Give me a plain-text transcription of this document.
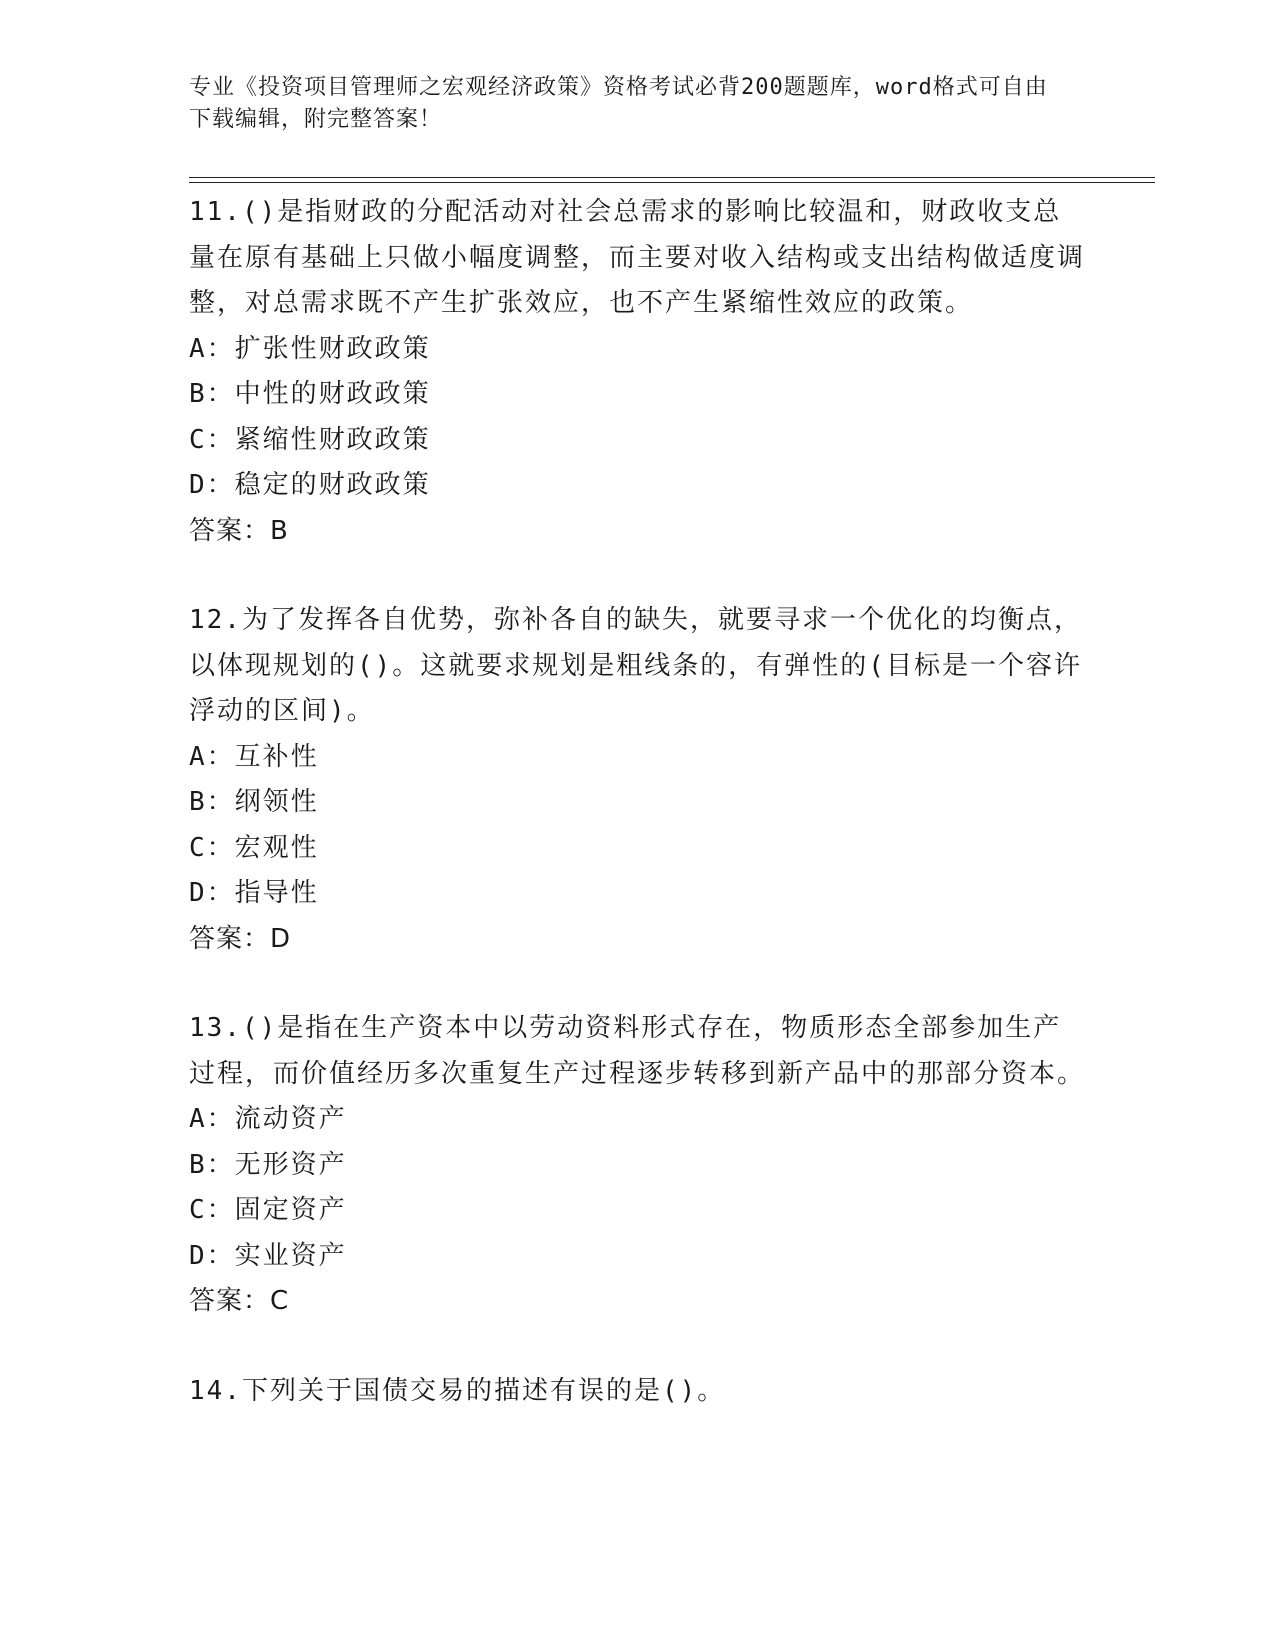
专业《投资项目管理师之宏观经济政策》资格考试必背200题题库，word格式可自由下载编辑，附完整答案！
11.()是指财政的分配活动对社会总需求的影响比较温和，财政收支总量在原有基础上只做小幅度调整，而主要对收入结构或支出结构做适度调整，对总需求既不产生扩张效应，也不产生紧缩性效应的政策。
A：扩张性财政政策
B：中性的财政政策
C：紧缩性财政政策
D：稳定的财政政策
答案：B
12.为了发挥各自优势，弥补各自的缺失，就要寻求一个优化的均衡点，以体现规划的()。这就要求规划是粗线条的，有弹性的(目标是一个容许浮动的区间)。
A：互补性
B：纲领性
C：宏观性
D：指导性
答案：D
13.()是指在生产资本中以劳动资料形式存在，物质形态全部参加生产过程，而价值经历多次重复生产过程逐步转移到新产品中的那部分资本。
A：流动资产
B：无形资产
C：固定资产
D：实业资产
答案：C
14.下列关于国债交易的描述有误的是()。
